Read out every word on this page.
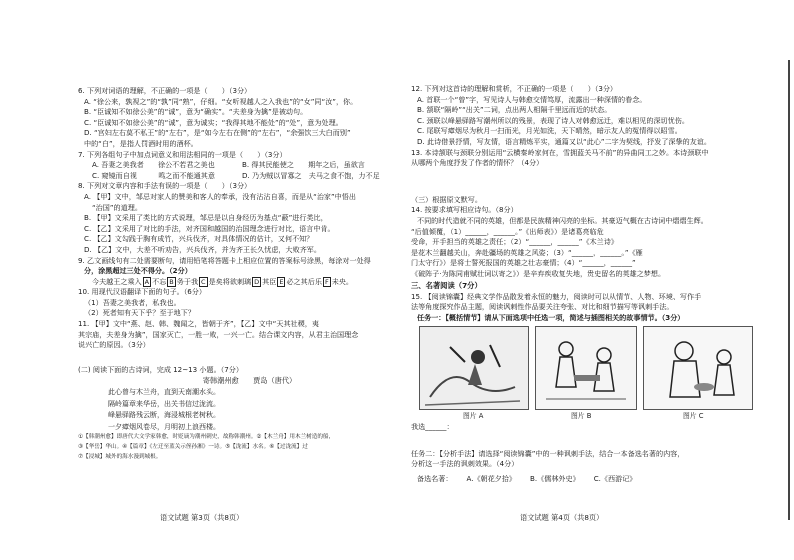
6. 下列对词语的理解，不正确的一项是（　　）（3分）
A. “徐公来，孰视之”的“孰”同“熟”，仔细。“女听视越人之入我也”的“女”同“汝”，你。
B. “臣诚知不如徐公美”的“诚”，意为“确实”。“夫差身为擒”是被动句。
C. “臣诚知不如徐公美”的“诚”，意为诚实；“我得其地不能处”的“处”，意为处理。
D. “宫妇左右莫不私王”的“左右”，是“如今左右在侧”的“左右”，“余强饮三大白而别”
中的“白”，是指人罚酒时用的酒杯。
7. 下列各组句子中加点词意义和用法相同的一项是（　　）（3分）
A. 吾妻之美我者　　徐公不若君之美也	B. 得其民能使之　　期年之后，虽欲言
C. 窥镜而自视　　　鸣之而不能通其意	D. 乃为贼以冒寡之　夫马之食不饱，力不足
8. 下列对文章内容和手法有误的一项是（　　）（3分）
A. 【甲】文中，邹忌对家人的赞美和客人的奉承，没有沾沾自喜，而是从“治家”中悟出
“治国”的道理。
B. 【甲】文采用了类比的方式说理，邹忌是以自身经历为基点“蔽”进行类比，
C. 【乙】文采用了对比的手法，对齐国和越国的治国理念进行对比，语言中肯。
C. 【乙】文勾践于胸有成竹，兴兵伐齐，对具体情况的估计，又何不知？
D. 【乙】文中，大差不听劝告，兴兵伐齐，并为齐王长久忧虑，大败齐军。
9. 乙文画线句有二处需要断句，请用铅笔将答题卡上相应位置的答案标号涂黑，每涂对一处得
分，涂黑超过三处不得分。（2分）
今夫越王之乘入 A 不忘 B 务于我 C 是矣将欲刺璃 D 其臣 E 必之其后乐 F 未央。
10. 用现代汉语翻译下面的句子。（6分）
（1）吾妻之美我者，私我也。
（2）死者知有天下乎？至于地下？
11. 【甲】文中“燕、赵、韩、魏闻之，皆朝于齐”，【乙】文中“天其社稷，夷
其宗庙，夫差身为擒”，国家灭亡，一胜一败，一兴一亡。结合课文内容，从君主治国理念
说兴亡的原因。（3分）
(二) 阅读下面的古诗词，完成 12~13 小题。（7分）
寄韩潮州愈　　贾岛（唐代）
此心曾与木兰舟，直到天南潮水头。
隔岭篇章来华岳，出关书信过泷流。
峰悬驿路残云断，海浸城根老树秋。
一夕瘴烟风卷尽，月明初上浪西楼。
①【韩潮州愈】即唐代大文学家韩愈，时贬谪为潮州刺史，故称韩潮州。②【木兰舟】用木兰树造的船，
③【华岳】华山。④【篇章】《左迁至蓝关示侄孙湘》一诗。⑤【泷流】水名。⑥【过泷流】过
⑦【浸城】城外的海水漫到城根。
语文试题 第3页（共8页）
12. 下列对这首诗的理解和赏析，不正确的一项是（　　）（3分）
A. 首联一个“曾”字，写见诗人与韩愈交情笃厚，流露出一种深情的眷念。
B. 颔联“隔岭”“出关”二词，点出两人相隔千里远而近的状态。
C. 颈联以峰悬驿路写潮州所以的残景，表现了诗人对韩愈远迁，难以相见的深切忧伤。
C. 尾联写瘴烟尽为秋月一扫而光，月光如洗，天下晴然，暗示友人的冤情得以昭雪。
D. 此诗借景抒情，写友情，语言精炼平实，通篇又以“此心”二字为契线，抒发了深挚的友谊。
13. 本诗颔联与颈联分别运用“云横秦岭家何在，雪拥蓝关马不前”的异曲同工之妙。本诗颈联中
从哪两个角度抒发了作者的情怀？（4分）
（三）根据原文默写。
14. 按要求填写相应诗句。（8分）
不同的时代造就不同的英雄，但都是民族精神闪亮的坐标。其豪迈气概在古诗词中熠熠生辉。
“后值倾覆，（1）______，______。”《出师表》）是诸葛亮临危
受命，开手担当的英雄之责任；（2）“______，______”《木兰诗》
是花木兰翻越关山，奔赴疆场的英雄之风姿；（3）“______，______。”《雁
门太守行》）是将士誓死报国的英雄之壮志豪情；（4）“______，______”
《破阵子·为陈同甫赋壮词以寄之》）是辛弃疾收复失地，贵史留名的英雄之梦想。
三、名著阅读（7分）
15. 【阅读锦囊】经典文学作品散发着永恒的魅力，阅读时可以从情节、人物、环境、写作手
法等角度探究作品主题，阅读讽刺性作品要关注夸张、对比和细节描写等讽刺手法。
任务一：【概括情节】请从下面选项中任选一项，简述与插图相关的故事情节。（3分）
图片 A	图片 B	图片 C
我选______：
任务二：【分析手法】请选择“阅读锦囊”中的一种讽刺手法，结合一本备选名著的内容，
分析这一手法的讽刺效果。（4分）
备选名著： A.《朝花夕拾》 B.《儒林外史》 C.《西游记》
语文试题 第4页（共8页）
